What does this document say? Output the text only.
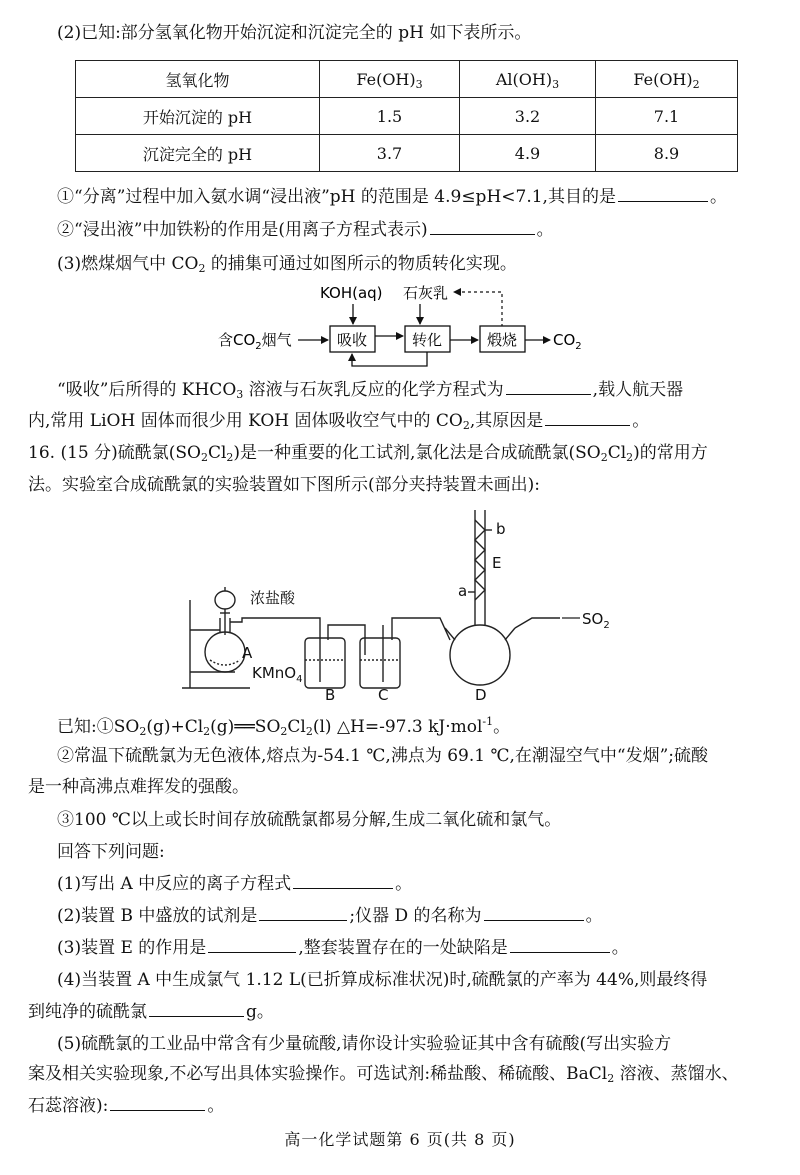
(2)已知:部分氢氧化物开始沉淀和沉淀完全的 pH 如下表所示。
氢氧化物	$Fe(OH)_3$	$Al(OH)_3$	$Fe(OH)_2$
开始沉淀的 pH	1.5	3.2	7.1
沉淀完全的 pH	3.7	4.9	8.9
①“分离”过程中加入氨水调“浸出液”pH 的范围是 4.9≤pH<7.1,其目的是	。
②“浸出液”中加铁粉的作用是(用离子方程式表示)	。
(3)燃煤烟气中 $CO_2$ 的捕集可通过如图所示的物质转化实现。
KOH(aq) 石灰乳
含$CO_2$烟气	吸收	转化	煅烧 $CO_2$
“吸收”后所得的 $KHCO_3$ 溶液与石灰乳反应的化学方程式为	,载人航天器
内,常用 LiOH 固体而很少用 KOH 固体吸收空气中的 $CO_2$,其原因是	。
16. (15 分)硫酰氯$(SO_2Cl_2)$是一种重要的化工试剂,氯化法是合成硫酰氯$(SO_2Cl_2)$的常用方
法。实验室合成硫酰氯的实验装置如下图所示(部分夹持装置未画出):
浓盐酸
A
KMnO$_4$
B	C	D
E
a
b
$SO_2$
已知$:①SO_2(g)+Cl_2(g)══SO_2Cl_2(l)$ △H=-97.3 kJ·mol$^{-1}$。
②常温下硫酰氯为无色液体,熔点为-54.1 ℃,沸点为 69.1 ℃,在潮湿空气中“发烟”;硫酸
是一种高沸点难挥发的强酸。
③100 ℃以上或长时间存放硫酰氯都易分解,生成二氧化硫和氯气。
回答下列问题:
(1)写出 A 中反应的离子方程式	。
(2)装置 B 中盛放的试剂是	;仪器 D 的名称为	。
(3)装置 E 的作用是	,整套装置存在的一处缺陷是	。
(4)当装置 A 中生成氯气 1.12 L(已折算成标准状况)时,硫酰氯的产率为 44%,则最终得
到纯净的硫酰氯	g。
(5)硫酰氯的工业品中常含有少量硫酸,请你设计实验验证其中含有硫酸(写出实验方
案及相关实验现象,不必写出具体实验操作。可选试剂:稀盐酸、稀硫酸、BaCl$_2$ 溶液、蒸馏水、
石蕊溶液):	。
高一化学试题第 6 页(共 8 页)
